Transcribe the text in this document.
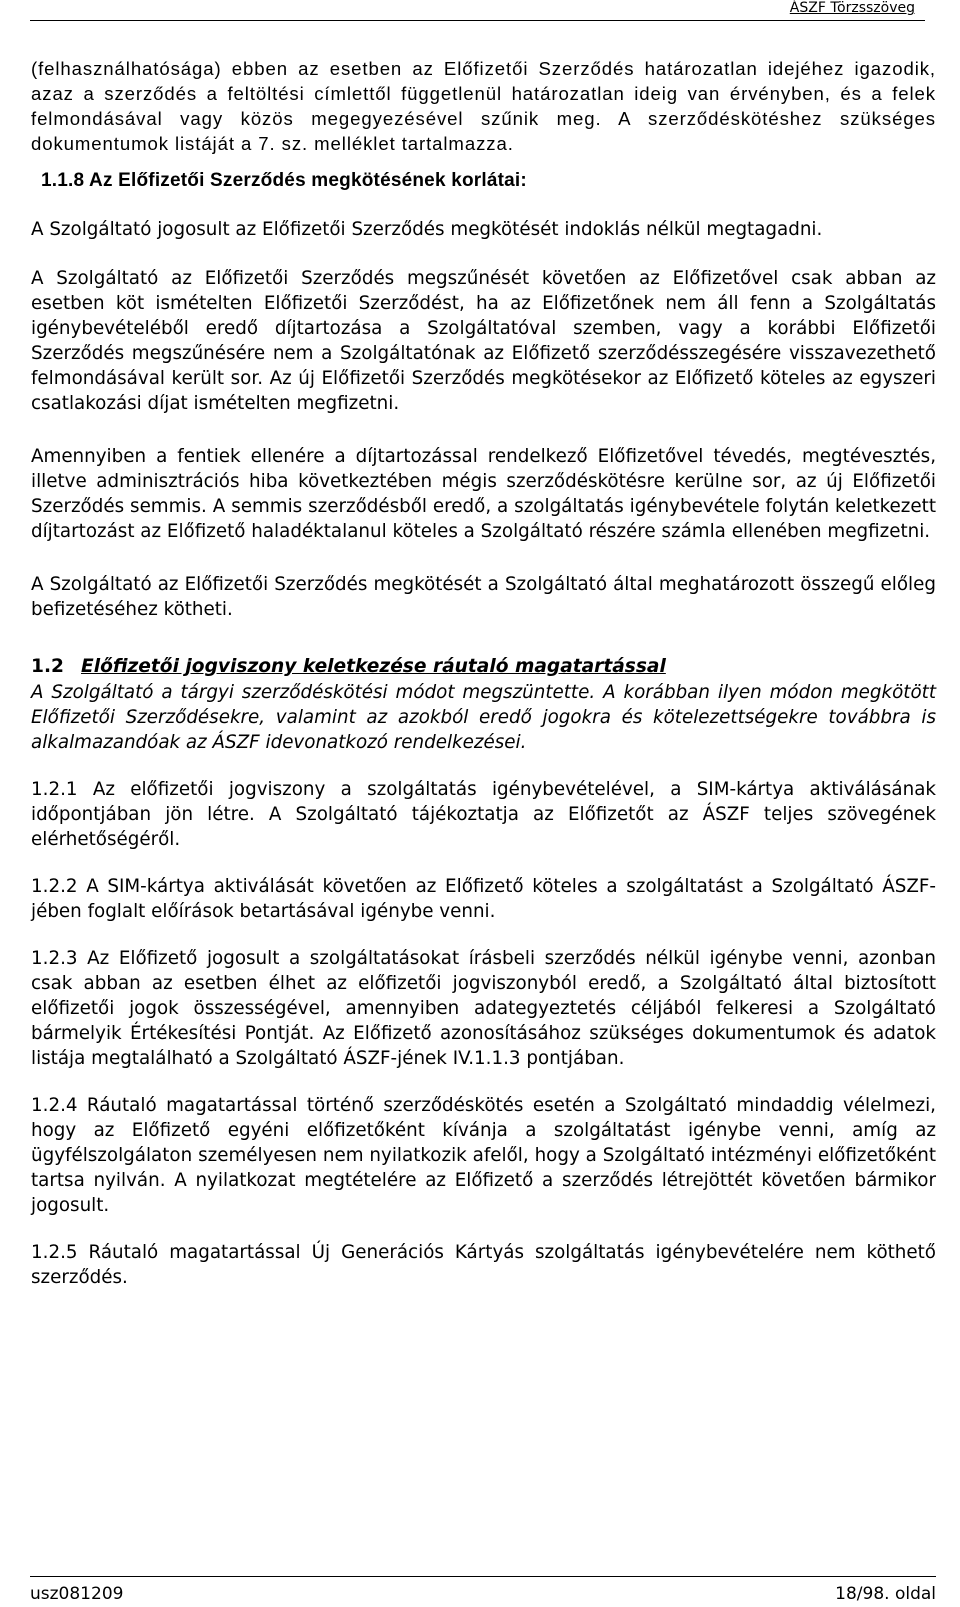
ÁSZF Törzsszöveg

(felhasználhatósága) ebben az esetben az Előfizetői Szerződés határozatlan idejéhez igazodik, azaz a szerződés a feltöltési címlettől függetlenül határozatlan ideig van érvényben, és a felek felmondásával vagy közös megegyezésével szűnik meg. A szerződéskötéshez szükséges dokumentumok listáját a 7. sz. melléklet tartalmazza.

1.1.8 Az Előfizetői Szerződés megkötésének korlátai:

A Szolgáltató jogosult az Előfizetői Szerződés megkötését indoklás nélkül megtagadni.

A Szolgáltató az Előfizetői Szerződés megszűnését követően az Előfizetővel csak abban az esetben köt ismételten Előfizetői Szerződést, ha az Előfizetőnek nem áll fenn a Szolgáltatás igénybevételéből eredő díjtartozása a Szolgáltatóval szemben, vagy a korábbi Előfizetői Szerződés megszűnésére nem a Szolgáltatónak az Előfizető szerződésszegésére visszavezethető felmondásával került sor. Az új Előfizetői Szerződés megkötésekor az Előfizető köteles az egyszeri csatlakozási díjat ismételten megfizetni.

Amennyiben a fentiek ellenére a díjtartozással rendelkező Előfizetővel tévedés, megtévesztés, illetve adminisztrációs hiba következtében mégis szerződéskötésre kerülne sor, az új Előfizetői Szerződés semmis. A semmis szerződésből eredő, a szolgáltatás igénybevétele folytán keletkezett díjtartozást az Előfizető haladéktalanul köteles a Szolgáltató részére számla ellenében megfizetni.

A Szolgáltató az Előfizetői Szerződés megkötését a Szolgáltató által meghatározott összegű előleg befizetéséhez kötheti.

1.2 Előfizetői jogviszony keletkezése ráutaló magatartással

A Szolgáltató a tárgyi szerződéskötési módot megszüntette. A korábban ilyen módon megkötött Előfizetői Szerződésekre, valamint az azokból eredő jogokra és kötelezettségekre továbbra is alkalmazandóak az ÁSZF idevonatkozó rendelkezései.

1.2.1 Az előfizetői jogviszony a szolgáltatás igénybevételével, a SIM-kártya aktiválásának időpontjában jön létre. A Szolgáltató tájékoztatja az Előfizetőt az ÁSZF teljes szövegének elérhetőségéről.

1.2.2 A SIM-kártya aktiválását követően az Előfizető köteles a szolgáltatást a Szolgáltató ÁSZF-jében foglalt előírások betartásával igénybe venni.

1.2.3 Az Előfizető jogosult a szolgáltatásokat írásbeli szerződés nélkül igénybe venni, azonban csak abban az esetben élhet az előfizetői jogviszonyból eredő, a Szolgáltató által biztosított előfizetői jogok összességével, amennyiben adategyeztetés céljából felkeresi a Szolgáltató bármelyik Értékesítési Pontját. Az Előfizető azonosításához szükséges dokumentumok és adatok listája megtalálható a Szolgáltató ÁSZF-jének IV.1.1.3 pontjában.

1.2.4 Ráutaló magatartással történő szerződéskötés esetén a Szolgáltató mindaddig vélelmezi, hogy az Előfizető egyéni előfizetőként kívánja a szolgáltatást igénybe venni, amíg az ügyfélszolgálaton személyesen nem nyilatkozik afelől, hogy a Szolgáltató intézményi előfizetőként tartsa nyilván. A nyilatkozat megtételére az Előfizető a szerződés létrejöttét követően bármikor jogosult.

1.2.5 Ráutaló magatartással Új Generációs Kártyás szolgáltatás igénybevételére nem köthető szerződés.

usz081209	18/98. oldal
